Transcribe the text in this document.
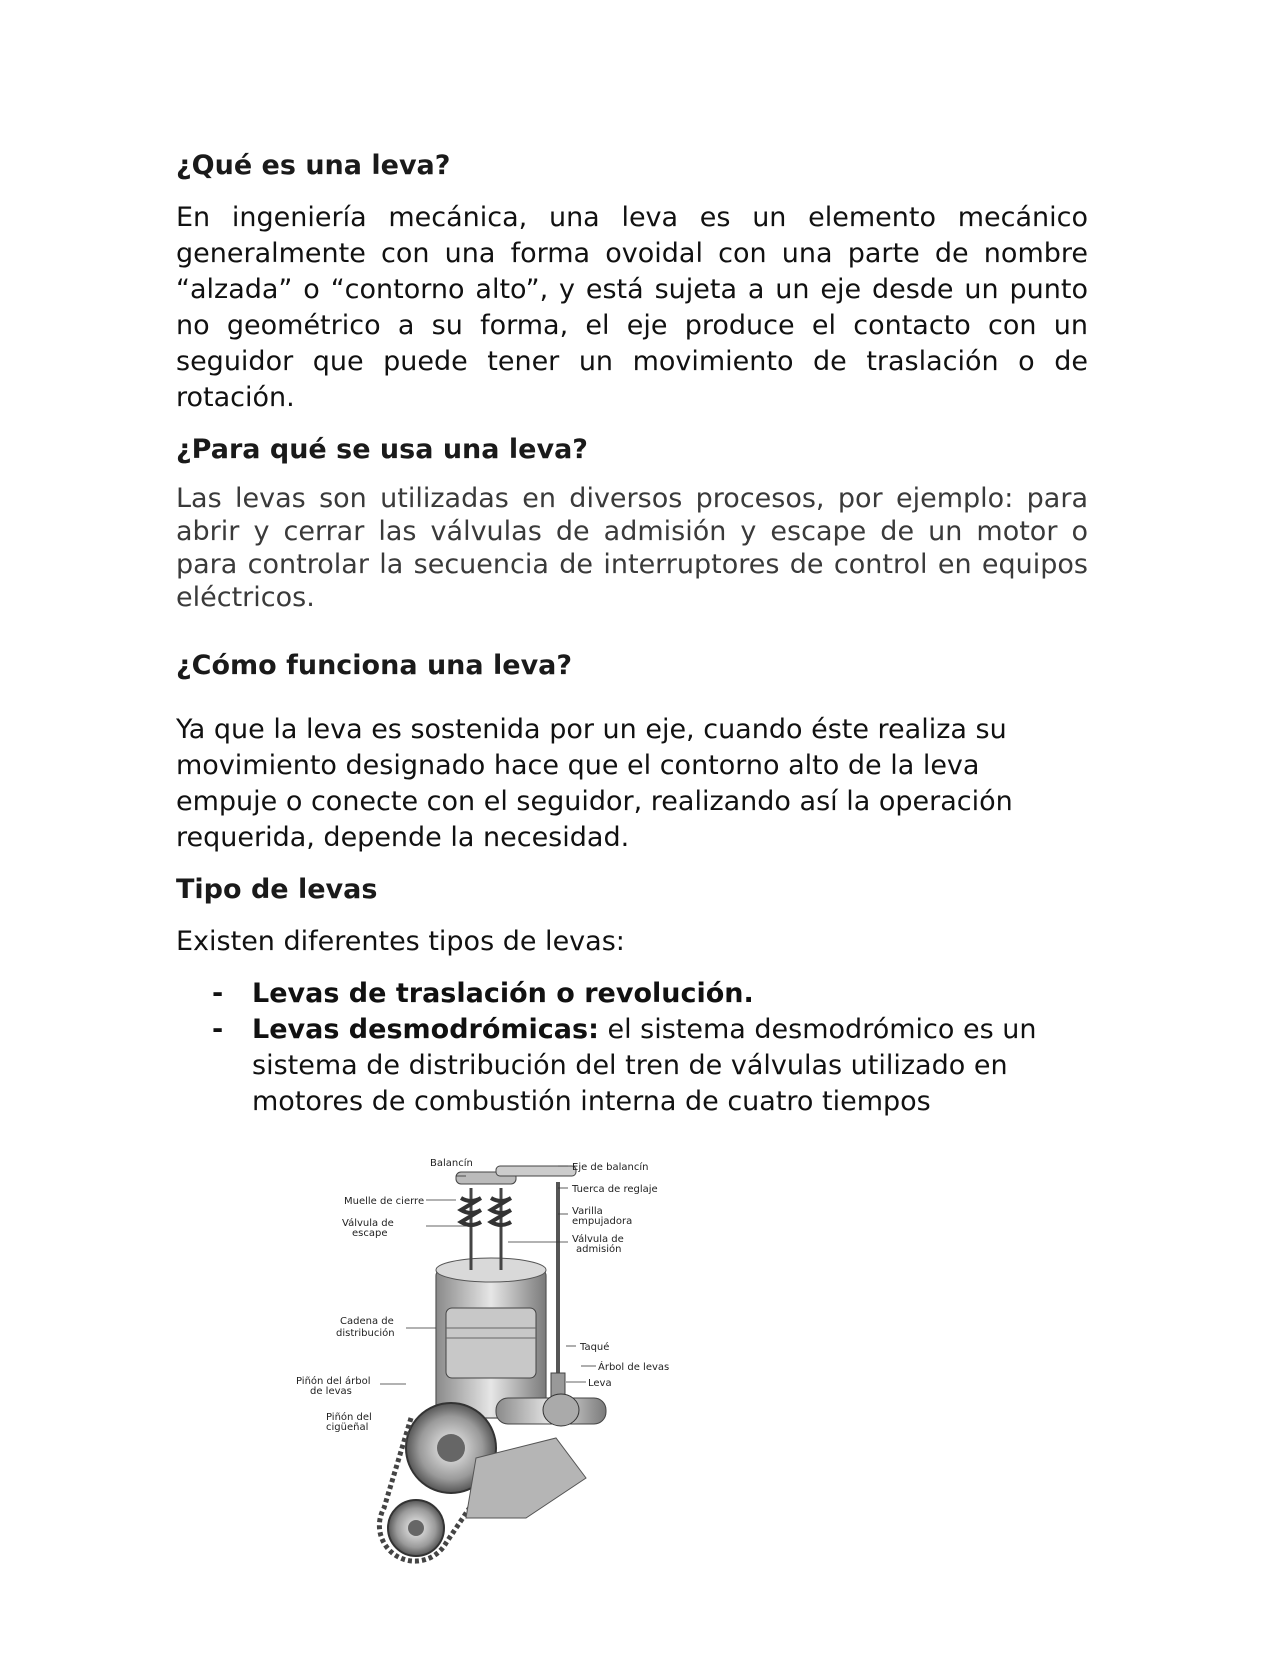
¿Qué es una leva?

En ingeniería mecánica, una leva es un elemento mecánico generalmente con una forma ovoidal con una parte de nombre “alzada” o “contorno alto”, y está sujeta a un eje desde un punto no geométrico a su forma, el eje produce el contacto con un seguidor que puede tener un movimiento de traslación o de rotación.

¿Para qué se usa una leva?

Las levas son utilizadas en diversos procesos, por ejemplo: para abrir y cerrar las válvulas de admisión y escape de un motor o para controlar la secuencia de interruptores de control en equipos eléctricos.

¿Cómo funciona una leva?

Ya que la leva es sostenida por un eje, cuando éste realiza su movimiento designado hace que el contorno alto de la leva empuje o conecte con el seguidor, realizando así la operación requerida, depende la necesidad.

Tipo de levas

Existen diferentes tipos de levas:

- Levas de traslación o revolución.
- Levas desmodrómicas: el sistema desmodrómico es un sistema de distribución del tren de válvulas utilizado en motores de combustión interna de cuatro tiempos
Balancín	Eje de balancín
Tuerca de reglaje
Muelle de cierre
Varilla
empujadora
Válvula de
escape
Válvula de
admisión
Cadena de
distribución
Taqué
Árbol de levas
Leva
Piñón del árbol
de levas
Piñón del
cigüeñal
